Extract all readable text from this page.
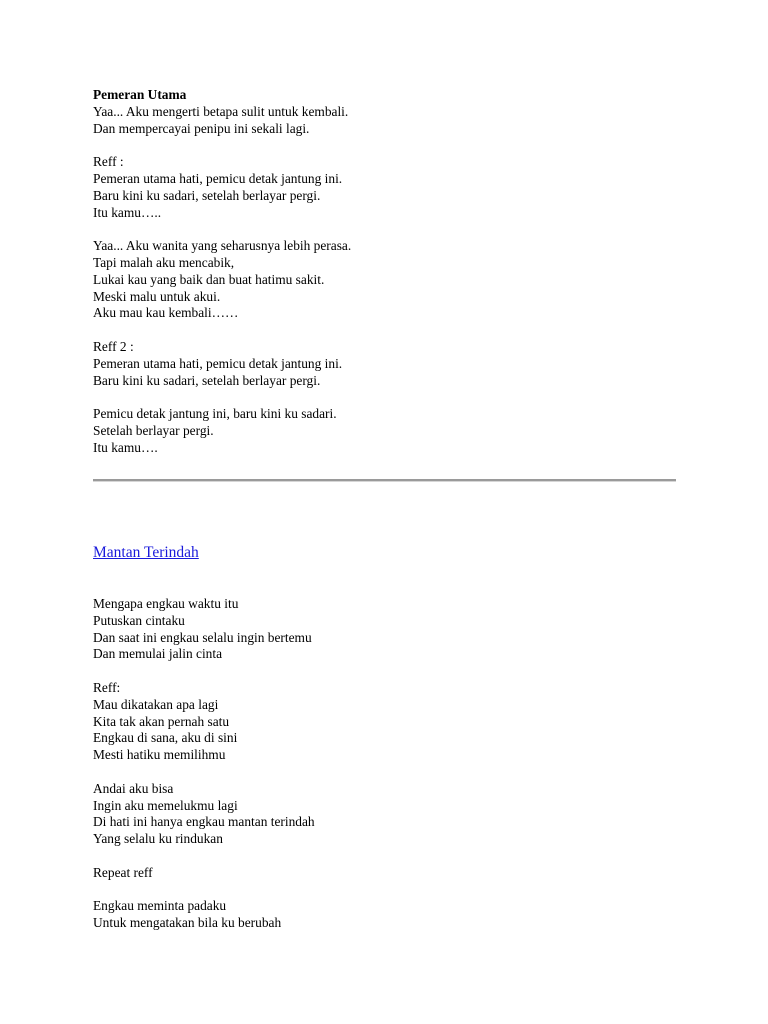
Pemeran Utama
Yaa... Aku mengerti betapa sulit untuk kembali.
Dan mempercayai penipu ini sekali lagi.
Reff :
Pemeran utama hati, pemicu detak jantung ini.
Baru kini ku sadari, setelah berlayar pergi.
Itu kamu…..
Yaa... Aku wanita yang seharusnya lebih perasa.
Tapi malah aku mencabik,
Lukai kau yang baik dan buat hatimu sakit.
Meski malu untuk akui.
Aku mau kau kembali……
Reff 2 :
Pemeran utama hati, pemicu detak jantung ini.
Baru kini ku sadari, setelah berlayar pergi.
Pemicu detak jantung ini, baru kini ku sadari.
Setelah berlayar pergi.
Itu kamu….
Mantan Terindah
Mengapa engkau waktu itu
Putuskan cintaku
Dan saat ini engkau selalu ingin bertemu
Dan memulai jalin cinta
Reff:
Mau dikatakan apa lagi
Kita tak akan pernah satu
Engkau di sana, aku di sini
Mesti hatiku memilihmu
Andai aku bisa
Ingin aku memelukmu lagi
Di hati ini hanya engkau mantan terindah
Yang selalu ku rindukan
Repeat reff
Engkau meminta padaku
Untuk mengatakan bila ku berubah
